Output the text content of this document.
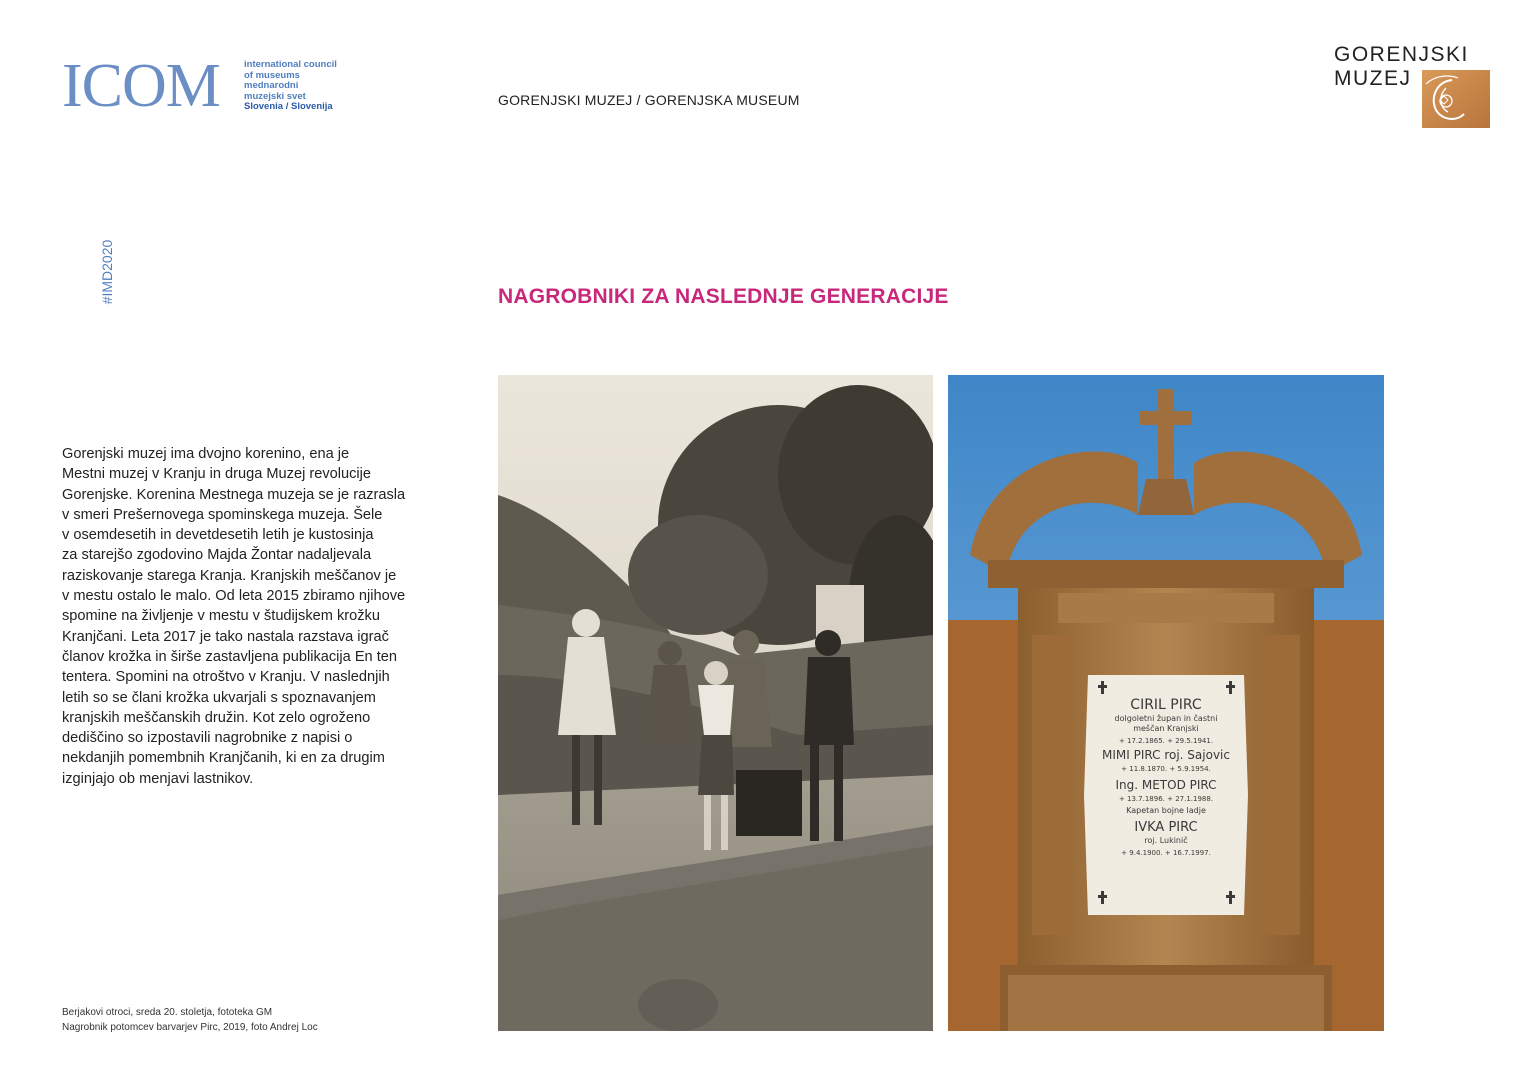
ICOM	international council
of museums
mednarodni
muzejski svet
Slovenia / Slovenija	GORENJSKI MUZEJ / GORENJSKA MUSEUM
GORENJSKI
MUZEJ
#IMD2020	NAGROBNIKI ZA NASLEDNJE GENERACIJE
Gorenjski muzej ima dvojno korenino, ena je
Mestni muzej v Kranju in druga Muzej revolucije
Gorenjske. Korenina Mestnega muzeja se je razrasla
v smeri Prešernovega spominskega muzeja. Šele
v osemdesetih in devetdesetih letih je kustosinja
za starejšo zgodovino Majda Žontar nadaljevala
raziskovanje starega Kranja. Kranjskih meščanov je
v mestu ostalo le malo. Od leta 2015 zbiramo njihove
spomine na življenje v mestu v študijskem krožku
Kranjčani. Leta 2017 je tako nastala razstava igrač
članov krožka in širše zastavljena publikacija En ten
tentera. Spomini na otroštvo v Kranju. V naslednjih
letih so se člani krožka ukvarjali s spoznavanjem
kranjskih meščanskih družin. Kot zelo ogroženo
dediščino so izpostavili nagrobnike z napisi o
nekdanjih pomembnih Kranjčanih, ki en za drugim
izginjajo ob menjavi lastnikov.
Berjakovi otroci, sreda 20. stoletja, fototeka GM
Nagrobnik potomcev barvarjev Pirc, 2019, foto Andrej Loc
CIRIL PIRC
dolgoletni župan in častni
meščan Kranjski
+ 17.2.1865. + 29.5.1941.
MIMI PIRC roj. Sajovic
+ 11.8.1870. + 5.9.1954.
Ing. METOD PIRC
+ 13.7.1896. + 27.1.1988.
Kapetan bojne ladje
IVKA PIRC
roj. Lukinič
+ 9.4.1900. + 16.7.1997.
